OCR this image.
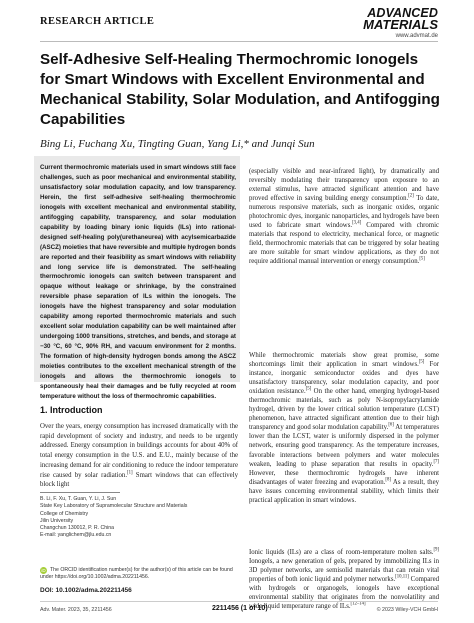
RESEARCH ARTICLE
ADVANCED
MATERIALS
www.advmat.de
Self-Adhesive Self-Healing Thermochromic Ionogels for Smart Windows with Excellent Environmental and Mechanical Stability, Solar Modulation, and Antifogging Capabilities
Bing Li, Fuchang Xu, Tingting Guan, Yang Li,* and Junqi Sun
Current thermochromic materials used in smart windows still face challenges, such as poor mechanical and environmental stability, unsatisfactory solar modulation capacity, and low transparency. Herein, the first self-adhesive self-healing thermochromic ionogels with excellent mechanical and environmental stability, antifogging capability, transparency, and solar modulation capability by loading binary ionic liquids (ILs) into rational-designed self-healing poly(urethaneurea) with acylsemicarbazide (ASCZ) moieties that have reversible and multiple hydrogen bonds are reported and their feasibility as smart windows with reliability and long service life is demonstrated. The self-healing thermochromic ionogels can switch between transparent and opaque without leakage or shrinkage, by the constrained reversible phase separation of ILs within the ionogels. The ionogels have the highest transparency and solar modulation capability among reported thermochromic materials and such excellent solar modulation capability can be well maintained after undergoing 1000 transitions, stretches, and bends, and storage at −30 °C, 60 °C, 90% RH, and vacuum environment for 2 months. The formation of high-density hydrogen bonds among the ASCZ moieties contributes to the excellent mechanical strength of the ionogels and allows the thermochromic ionogels to spontaneously heal their damages and be fully recycled at room temperature without the loss of thermochromic capabilities.
1. Introduction
Over the years, energy consumption has increased dramatically with the rapid development of society and industry, and needs to be urgently addressed. Energy consumption in buildings accounts for about 40% of total energy consumption in the U.S. and E.U., mainly because of the increasing demand for air conditioning to reduce the indoor temperature rise caused by solar radiation.[1] Smart windows that can effectively block light
B. Li, F. Xu, T. Guan, Y. Li, J. Sun
State Key Laboratory of Supramolecular Structure and Materials
College of Chemistry
Jilin University
Changchun 130012, P. R. China
E-mail: yanglichem@jlu.edu.cn
iD The ORCID identification number(s) for the author(s) of this article can be found under https://doi.org/10.1002/adma.202211456.
DOI: 10.1002/adma.202211456
(especially visible and near-infrared light), by dramatically and reversibly modulating their transparency upon exposure to an external stimulus, have attracted significant attention and have proved effective in saving building energy consumption.[2] To date, numerous responsive materials, such as inorganic oxides, organic photochromic dyes, inorganic nanoparticles, and hydrogels have been used to fabricate smart windows.[3,4] Compared with chromic materials that respond to electricity, mechanical force, or magnetic field, thermochromic materials that can be triggered by solar heating are more suitable for smart window applications, as they do not require additional manual intervention or energy consumption.[5]
While thermochromic materials show great promise, some shortcomings limit their application in smart windows.[5] For instance, inorganic semiconductor oxides and dyes have unsatisfactory transparency, solar modulation capacity, and poor oxidation resistance.[5] On the other hand, emerging hydrogel-based thermochromic materials, such as poly N-isopropylacrylamide hydrogel, driven by the lower critical solution temperature (LCST) phenomenon, have attracted significant attention due to their high transparency and good solar modulation capability.[6] At temperatures lower than the LCST, water is uniformly dispersed in the polymer network, ensuring good transparency. As the temperature increases, favorable interactions between polymers and water molecules weaken, leading to phase separation that results in opacity.[7] However, these thermochromic hydrogels have inherent disadvantages of water freezing and evaporation.[8] As a result, they have issues concerning environmental stability, which limits their practical application in smart windows.
Ionic liquids (ILs) are a class of room-temperature molten salts.[9] Ionogels, a new generation of gels, prepared by immobilizing ILs in 3D polymer networks, are semisolid materials that can retain vital properties of both ionic liquid and polymer networks.[10,11] Compared with hydrogels or organogels, ionogels have exceptional environmental stability that originates from the nonvolatility and wide liquid temperature range of ILs.[12–14]
Adv. Mater. 2023, 35, 2211456	2211456 (1 of 10)	© 2023 Wiley-VCH GmbH
